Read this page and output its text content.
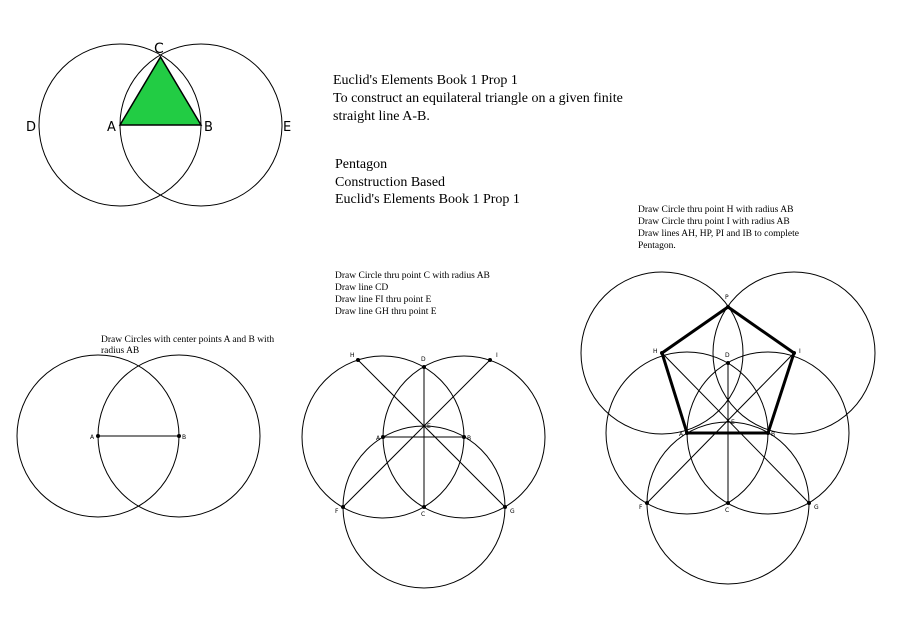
C
A	B
D	E
Euclid's Elements Book 1 Prop 1
To construct an equilateral triangle on a given finite
straight line A-B.
Pentagon
Construction Based
Euclid's Elements Book 1 Prop 1
Draw Circles with center points A and B with
radius AB
A	B
Draw Circle thru point C with radius AB
Draw line CD
Draw line FI thru point E
Draw line GH thru point E
A	B
C
D
E
F	G
H	I
Draw Circle thru point H with radius AB
Draw Circle thru point I with radius AB
Draw lines AH, HP, PI and IB to complete
Pentagon.
A	B
C
D
E
F	G
H	I
P
